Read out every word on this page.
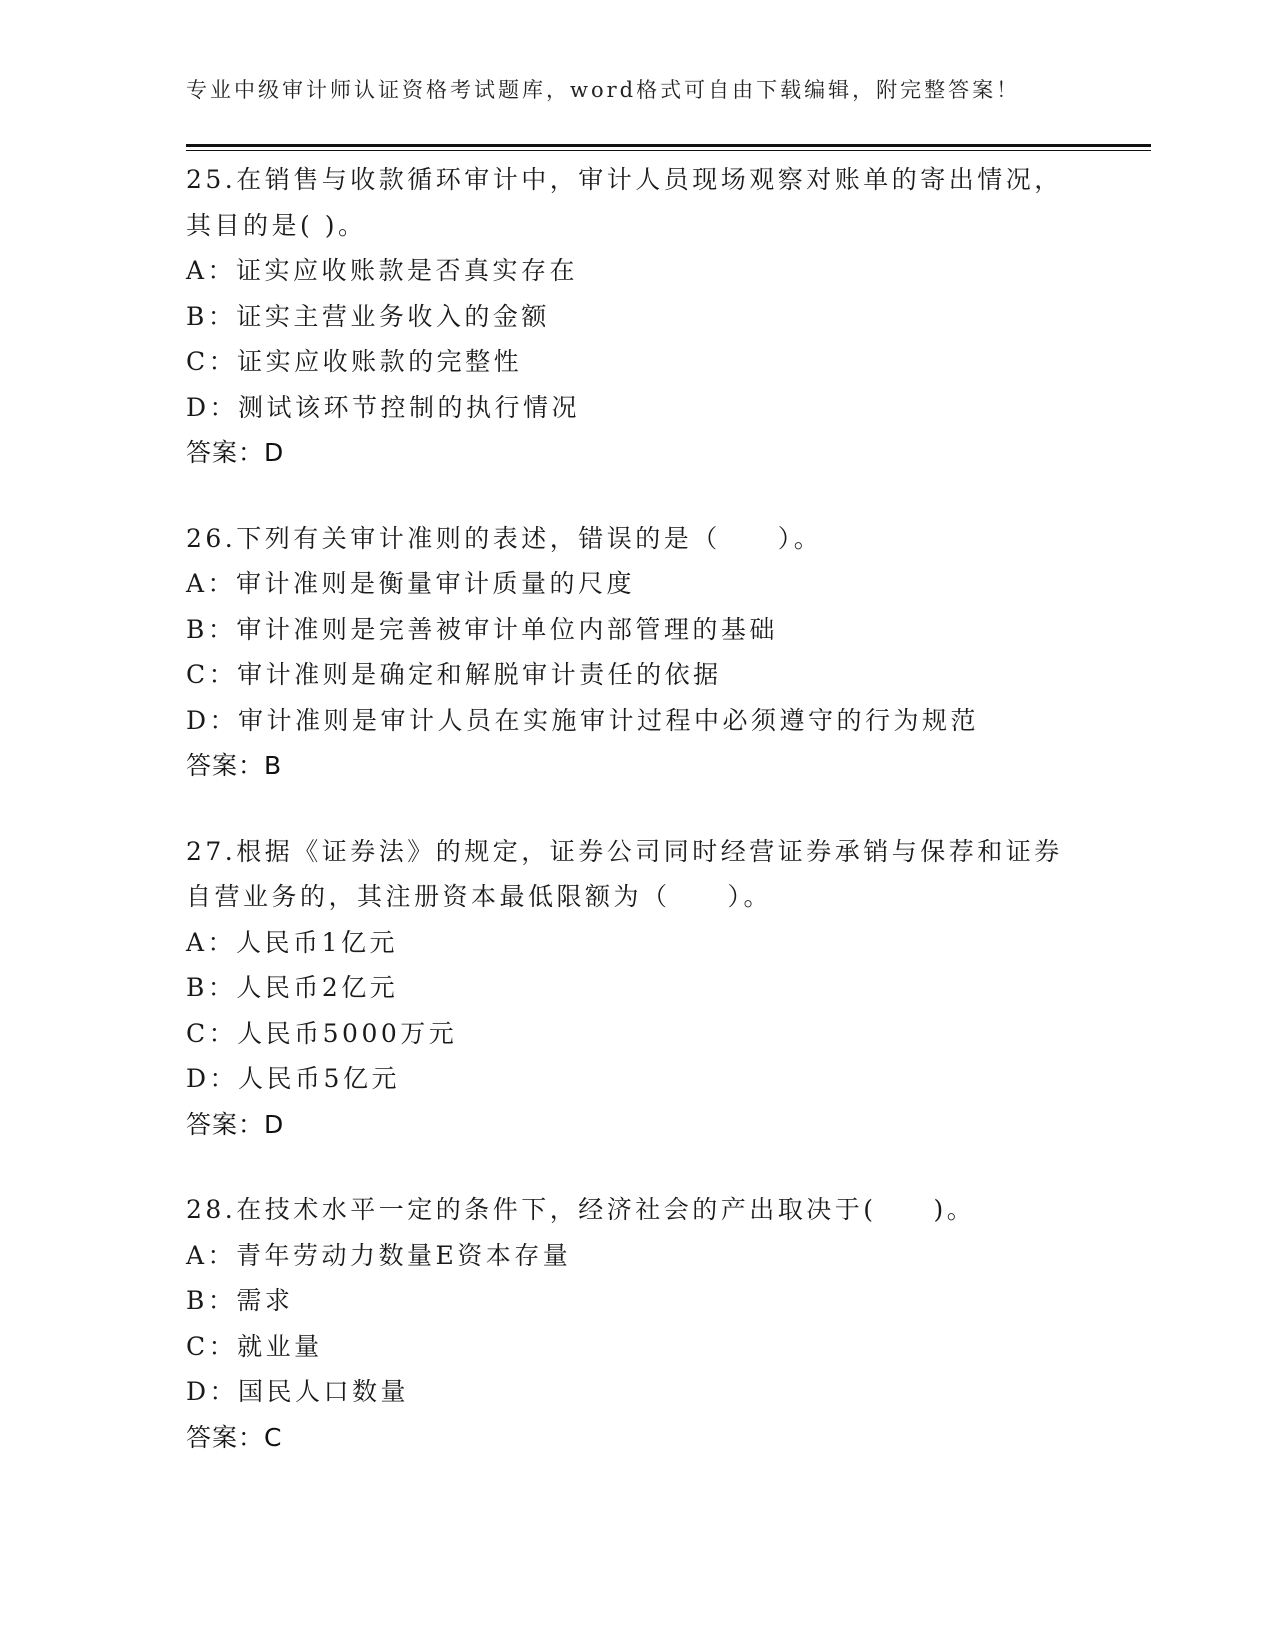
专业中级审计师认证资格考试题库，word格式可自由下载编辑，附完整答案！
25.在销售与收款循环审计中，审计人员现场观察对账单的寄出情况，
其目的是( )。
A：证实应收账款是否真实存在
B：证实主营业务收入的金额
C：证实应收账款的完整性
D：测试该环节控制的执行情况
答案：D
26.下列有关审计准则的表述，错误的是（　　）。
A：审计准则是衡量审计质量的尺度
B：审计准则是完善被审计单位内部管理的基础
C：审计准则是确定和解脱审计责任的依据
D：审计准则是审计人员在实施审计过程中必须遵守的行为规范
答案：B
27.根据《证券法》的规定，证券公司同时经营证券承销与保荐和证券
自营业务的，其注册资本最低限额为（　　）。
A：人民币1亿元
B：人民币2亿元
C：人民币5000万元
D：人民币5亿元
答案：D
28.在技术水平一定的条件下，经济社会的产出取决于(　　)。
A：青年劳动力数量E资本存量
B：需求
C：就业量
D：国民人口数量
答案：C
